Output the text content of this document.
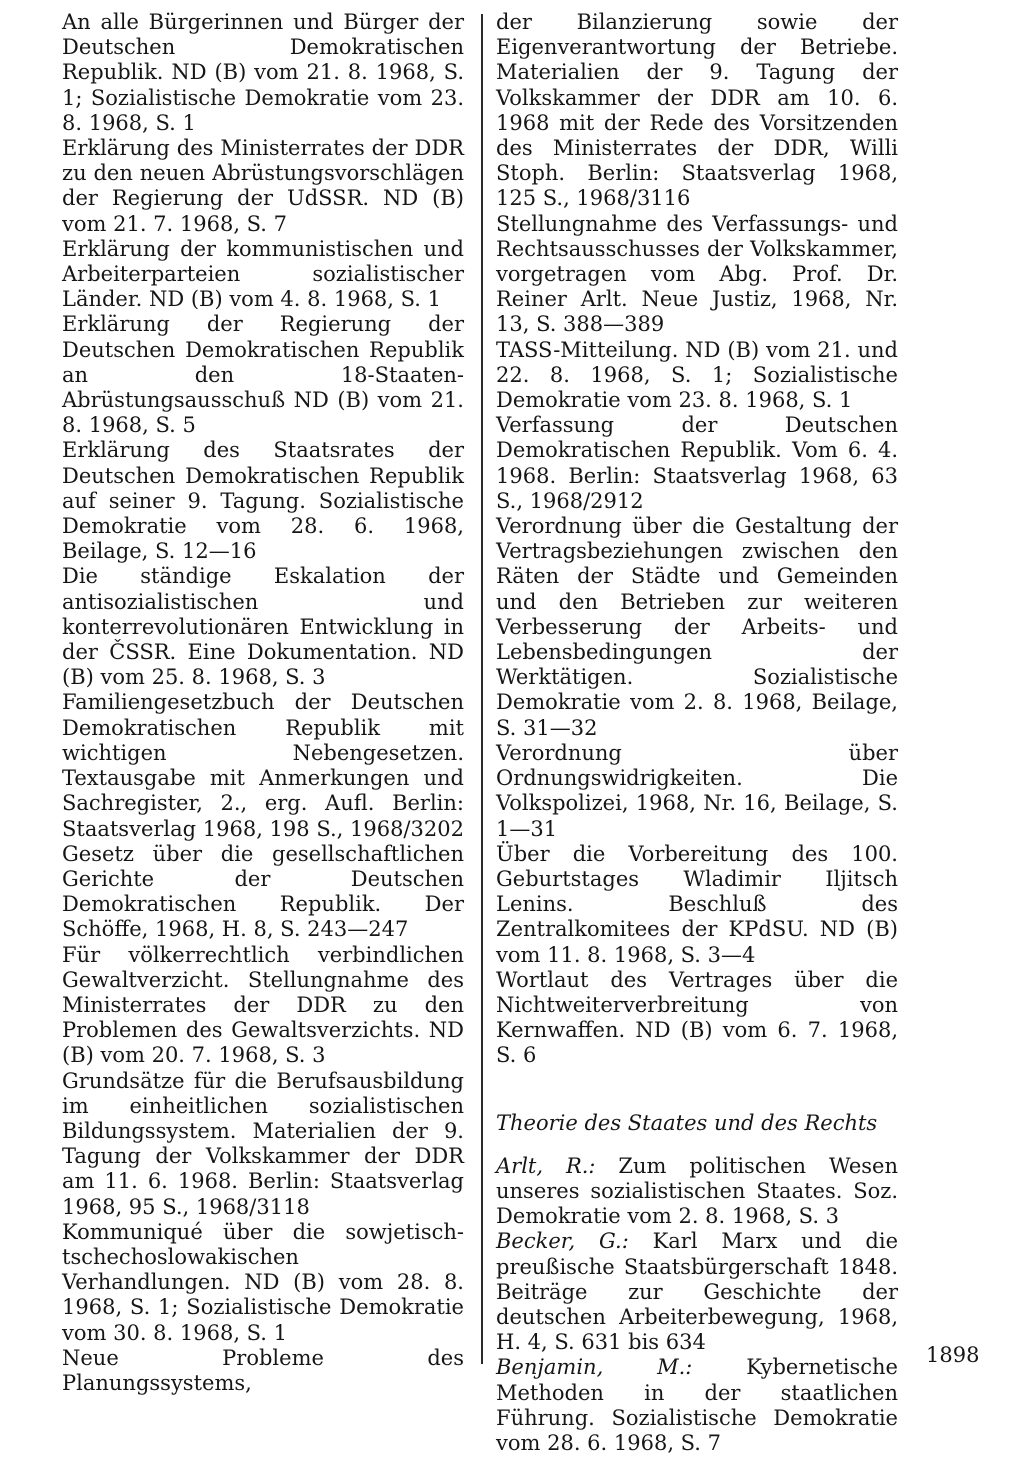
An alle Bürgerinnen und Bürger der Deutschen Demokratischen Republik. ND (B) vom 21. 8. 1968, S. 1; Sozialistische Demokratie vom 23. 8. 1968, S. 1

Erklärung des Ministerrates der DDR zu den neuen Abrüstungsvorschlägen der Regierung der UdSSR. ND (B) vom 21. 7. 1968, S. 7

Erklärung der kommunistischen und Arbeiterparteien sozialistischer Länder. ND (B) vom 4. 8. 1968, S. 1

Erklärung der Regierung der Deutschen Demokratischen Republik an den 18-Staaten-Abrüstungsausschuß ND (B) vom 21. 8. 1968, S. 5

Erklärung des Staatsrates der Deutschen Demokratischen Republik auf seiner 9. Tagung. Sozialistische Demokratie vom 28. 6. 1968, Beilage, S. 12—16

Die ständige Eskalation der antisozialistischen und konterrevolutionären Entwicklung in der ČSSR. Eine Dokumentation. ND (B) vom 25. 8. 1968, S. 3

Familiengesetzbuch der Deutschen Demokratischen Republik mit wichtigen Nebengesetzen. Textausgabe mit Anmerkungen und Sachregister, 2., erg. Aufl. Berlin: Staatsverlag 1968, 198 S., 1968/3202

Gesetz über die gesellschaftlichen Gerichte der Deutschen Demokratischen Republik. Der Schöffe, 1968, H. 8, S. 243—247

Für völkerrechtlich verbindlichen Gewaltverzicht. Stellungnahme des Ministerrates der DDR zu den Problemen des Gewaltsverzichts. ND (B) vom 20. 7. 1968, S. 3

Grundsätze für die Berufsausbildung im einheitlichen sozialistischen Bildungssystem. Materialien der 9. Tagung der Volkskammer der DDR am 11. 6. 1968. Berlin: Staatsverlag 1968, 95 S., 1968/3118

Kommuniqué über die sowjetisch-tschechoslowakischen Verhandlungen. ND (B) vom 28. 8. 1968, S. 1; Sozialistische Demokratie vom 30. 8. 1968, S. 1

Neue Probleme des Planungssystems,

der Bilanzierung sowie der Eigenverantwortung der Betriebe. Materialien der 9. Tagung der Volkskammer der DDR am 10. 6. 1968 mit der Rede des Vorsitzenden des Ministerrates der DDR, Willi Stoph. Berlin: Staatsverlag 1968, 125 S., 1968/3116

Stellungnahme des Verfassungs- und Rechtsausschusses der Volkskammer, vorgetragen vom Abg. Prof. Dr. Reiner Arlt. Neue Justiz, 1968, Nr. 13, S. 388—389

TASS-Mitteilung. ND (B) vom 21. und 22. 8. 1968, S. 1; Sozialistische Demokratie vom 23. 8. 1968, S. 1

Verfassung der Deutschen Demokratischen Republik. Vom 6. 4. 1968. Berlin: Staatsverlag 1968, 63 S., 1968/2912

Verordnung über die Gestaltung der Vertragsbeziehungen zwischen den Räten der Städte und Gemeinden und den Betrieben zur weiteren Verbesserung der Arbeits- und Lebensbedingungen der Werktätigen. Sozialistische Demokratie vom 2. 8. 1968, Beilage, S. 31—32

Verordnung über Ordnungswidrigkeiten. Die Volkspolizei, 1968, Nr. 16, Beilage, S. 1—31

Über die Vorbereitung des 100. Geburtstages Wladimir Iljitsch Lenins. Beschluß des Zentralkomitees der KPdSU. ND (B) vom 11. 8. 1968, S. 3—4

Wortlaut des Vertrages über die Nichtweiterverbreitung von Kernwaffen. ND (B) vom 6. 7. 1968, S. 6

Theorie des Staates und des Rechts

Arlt, R.: Zum politischen Wesen unseres sozialistischen Staates. Soz. Demokratie vom 2. 8. 1968, S. 3

Becker, G.: Karl Marx und die preußische Staatsbürgerschaft 1848. Beiträge zur Geschichte der deutschen Arbeiterbewegung, 1968, H. 4, S. 631 bis 634

Benjamin, M.: Kybernetische Methoden in der staatlichen Führung. Sozialistische Demokratie vom 28. 6. 1968, S. 7

1898
